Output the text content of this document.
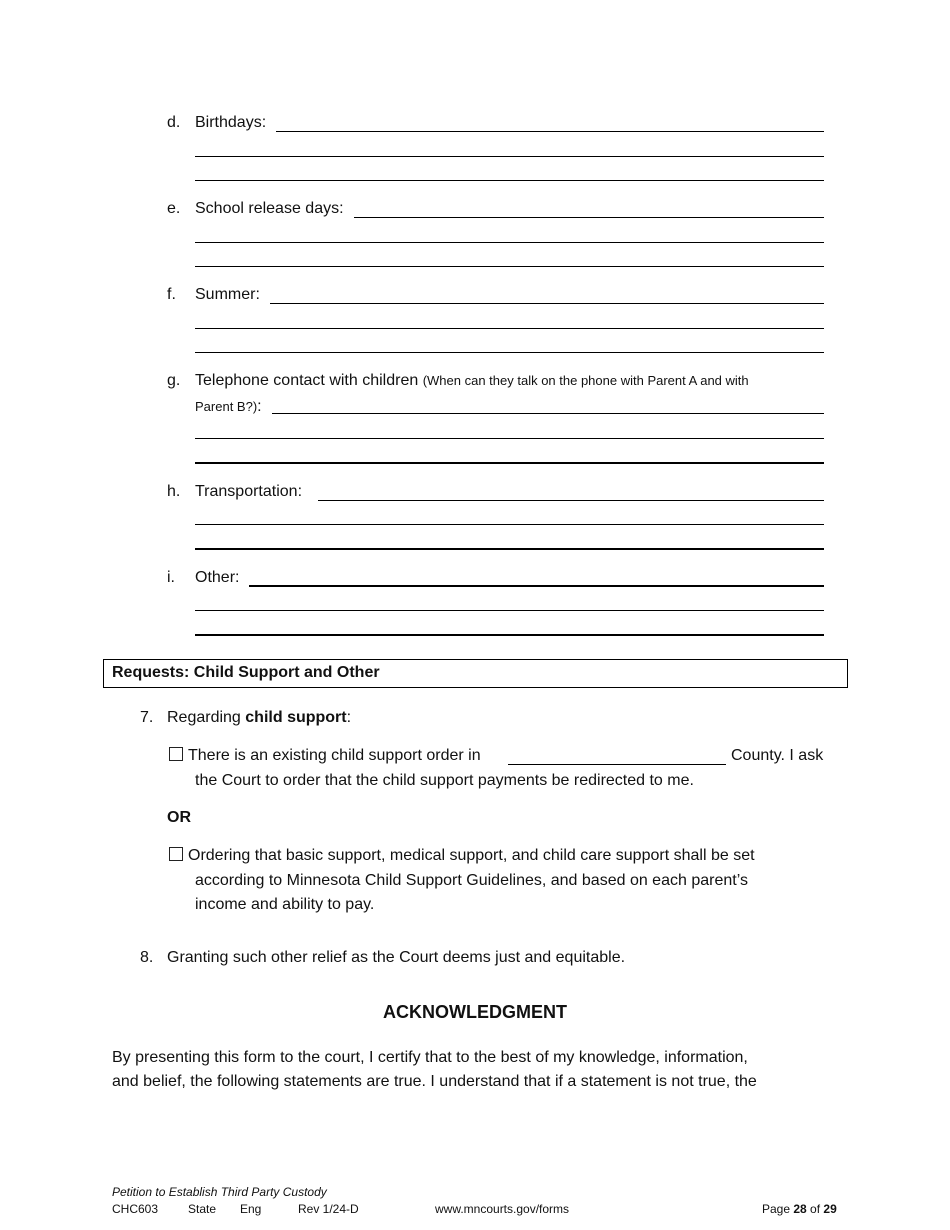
d. Birthdays:
e. School release days:
f. Summer:
g. Telephone contact with children (When can they talk on the phone with Parent A and with
Parent B?):
h. Transportation:
i. Other:
Requests: Child Support and Other
7. Regarding child support:
There is an existing child support order in	County. I ask
the Court to order that the child support payments be redirected to me.
OR
Ordering that basic support, medical support, and child care support shall be set
according to Minnesota Child Support Guidelines, and based on each parent’s
income and ability to pay.
8. Granting such other relief as the Court deems just and equitable.
ACKNOWLEDGMENT
By presenting this form to the court, I certify that to the best of my knowledge, information,
and belief, the following statements are true. I understand that if a statement is not true, the
Petition to Establish Third Party Custody
CHC603 State Eng	Rev 1/24-D	www.mncourts.gov/forms	Page 28 of 29
